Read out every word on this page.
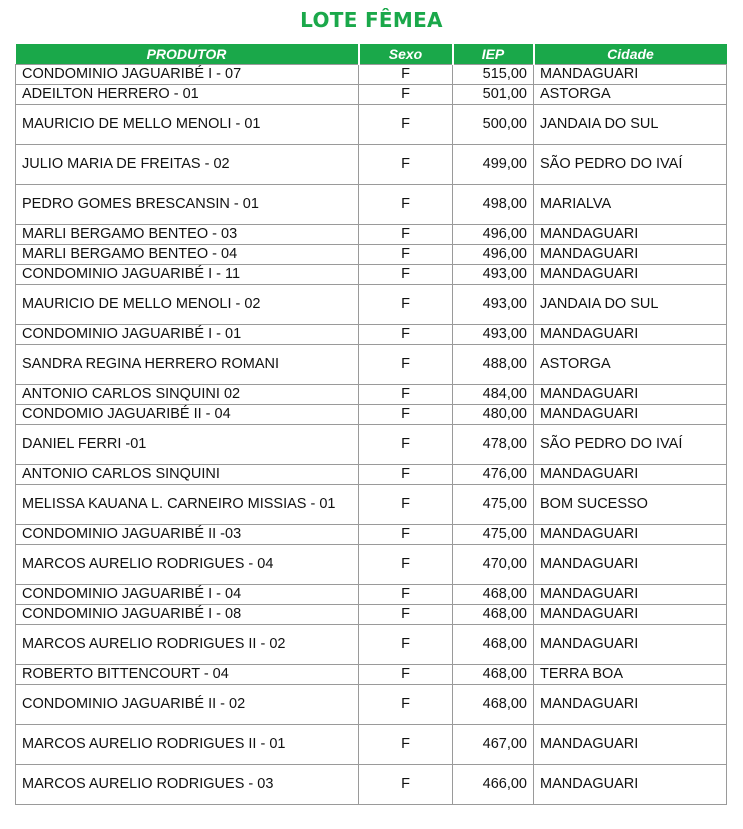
LOTE FÊMEA
PRODUTOR	Sexo	IEP	Cidade
CONDOMINIO JAGUARIBÉ I - 07	F	515,00	MANDAGUARI
ADEILTON HERRERO - 01	F	501,00	ASTORGA
MAURICIO DE MELLO MENOLI - 01	F	500,00	JANDAIA DO SUL
JULIO MARIA DE FREITAS - 02	F	499,00	SÃO PEDRO DO IVAÍ
PEDRO GOMES BRESCANSIN - 01	F	498,00	MARIALVA
MARLI BERGAMO BENTEO - 03	F	496,00	MANDAGUARI
MARLI BERGAMO BENTEO - 04	F	496,00	MANDAGUARI
CONDOMINIO JAGUARIBÉ I - 11	F	493,00	MANDAGUARI
MAURICIO DE MELLO MENOLI - 02	F	493,00	JANDAIA DO SUL
CONDOMINIO JAGUARIBÉ I - 01	F	493,00	MANDAGUARI
SANDRA REGINA HERRERO ROMANI	F	488,00	ASTORGA
ANTONIO CARLOS SINQUINI 02	F	484,00	MANDAGUARI
CONDOMIO JAGUARIBÉ II - 04	F	480,00	MANDAGUARI
DANIEL FERRI -01	F	478,00	SÃO PEDRO DO IVAÍ
ANTONIO CARLOS SINQUINI	F	476,00	MANDAGUARI
MELISSA KAUANA L. CARNEIRO MISSIAS - 01	F	475,00	BOM SUCESSO
CONDOMINIO JAGUARIBÉ II -03	F	475,00	MANDAGUARI
MARCOS AURELIO RODRIGUES - 04	F	470,00	MANDAGUARI
CONDOMINIO JAGUARIBÉ I - 04	F	468,00	MANDAGUARI
CONDOMINIO JAGUARIBÉ I - 08	F	468,00	MANDAGUARI
MARCOS AURELIO RODRIGUES II - 02	F	468,00	MANDAGUARI
ROBERTO BITTENCOURT - 04	F	468,00	TERRA BOA
CONDOMINIO JAGUARIBÉ II - 02	F	468,00	MANDAGUARI
MARCOS AURELIO RODRIGUES II - 01	F	467,00	MANDAGUARI
MARCOS AURELIO RODRIGUES - 03	F	466,00	MANDAGUARI
